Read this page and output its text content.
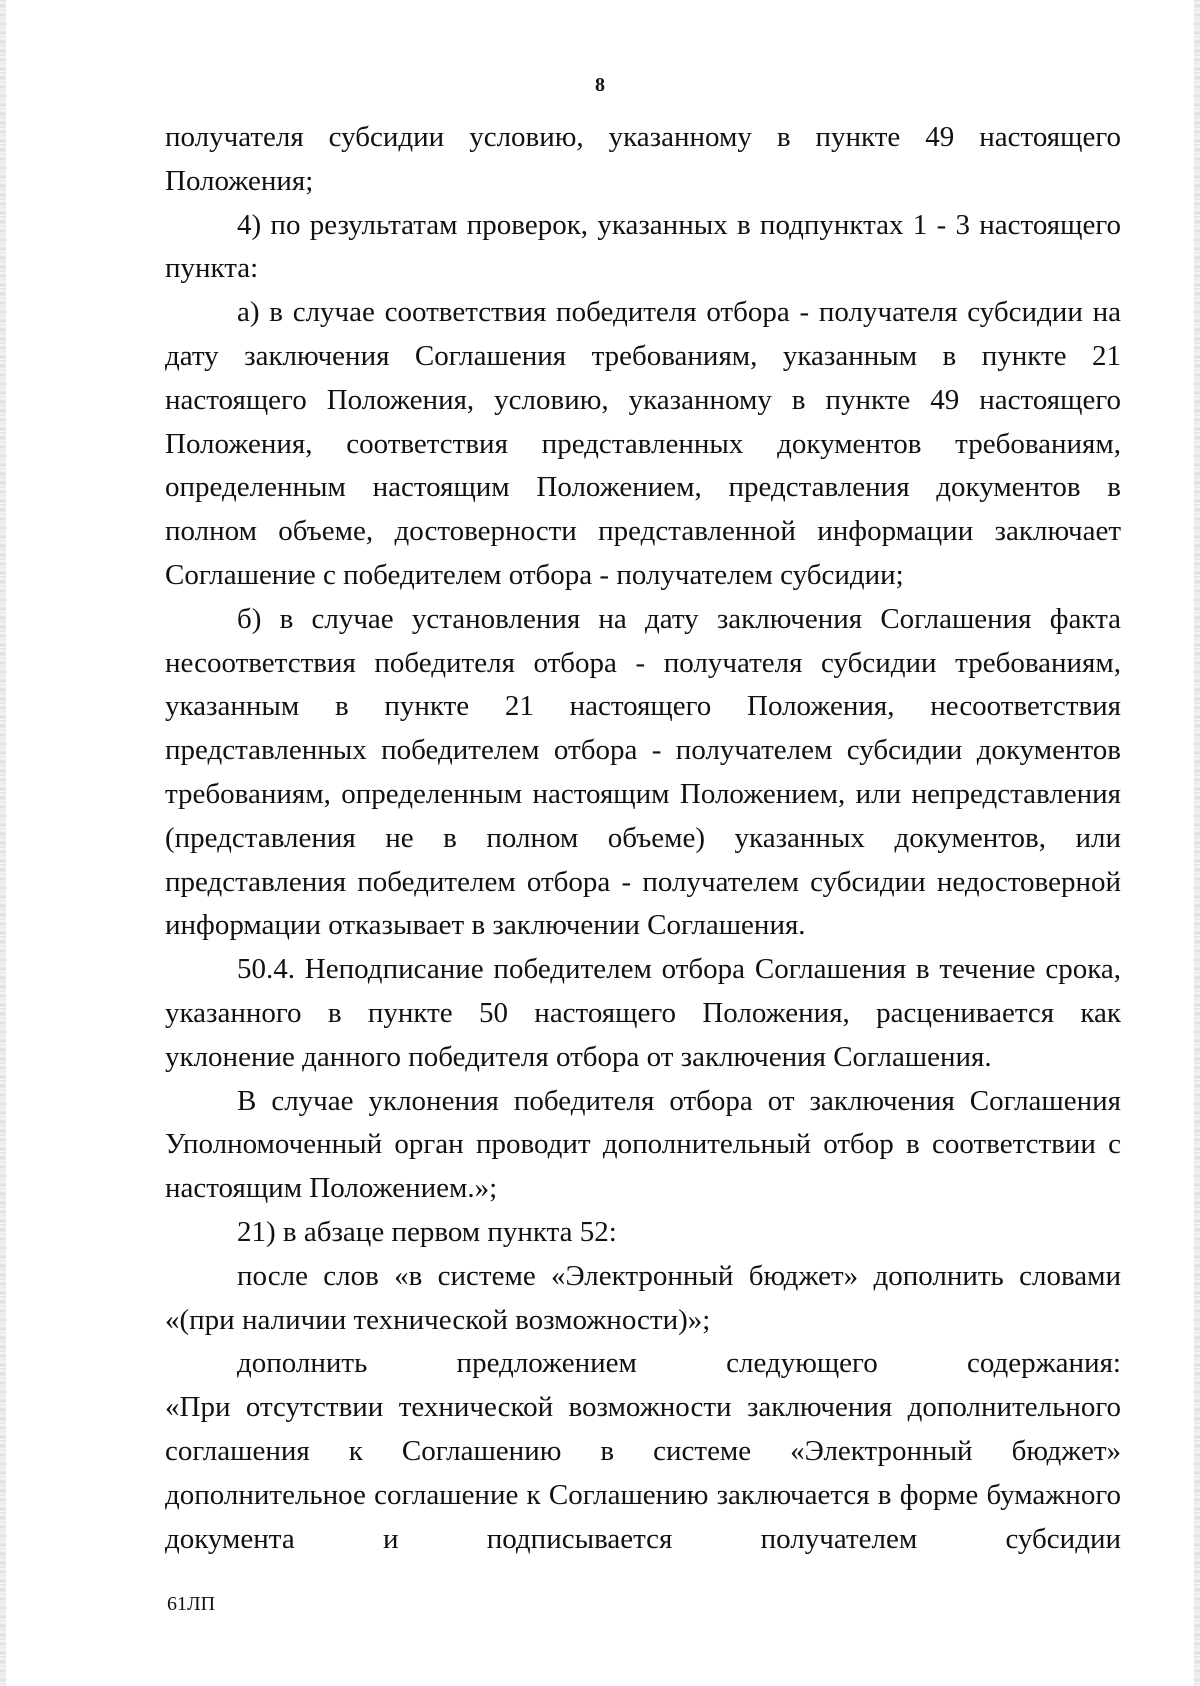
8

получателя субсидии условию, указанному в пункте 49 настоящего Положения;

4) по результатам проверок, указанных в подпунктах 1 - 3 настоящего пункта:

а) в случае соответствия победителя отбора - получателя субсидии на дату заключения Соглашения требованиям, указанным в пункте 21 настоящего Положения, условию, указанному в пункте 49 настоящего Положения, соответствия представленных документов требованиям, определенным настоящим Положением, представления документов в полном объеме, достоверности представленной информации заключает Соглашение с победителем отбора - получателем субсидии;

б) в случае установления на дату заключения Соглашения факта несоответствия победителя отбора - получателя субсидии требованиям, указанным в пункте 21 настоящего Положения, несоответствия представленных победителем отбора - получателем субсидии документов требованиям, определенным настоящим Положением, или непредставления (представления не в полном объеме) указанных документов, или представления победителем отбора - получателем субсидии недостоверной информации отказывает в заключении Соглашения.

50.4. Неподписание победителем отбора Соглашения в течение срока, указанного в пункте 50 настоящего Положения, расценивается как уклонение данного победителя отбора от заключения Соглашения.

В случае уклонения победителя отбора от заключения Соглашения Уполномоченный орган проводит дополнительный отбор в соответствии с настоящим Положением.»;

21) в абзаце первом пункта 52:

после слов «в системе «Электронный бюджет» дополнить словами «(при наличии технической возможности)»;

дополнить предложением следующего содержания:

«При отсутствии технической возможности заключения дополнительного соглашения к Соглашению в системе «Электронный бюджет» дополнительное соглашение к Соглашению заключается в форме бумажного документа и подписывается получателем субсидии

61ЛП
